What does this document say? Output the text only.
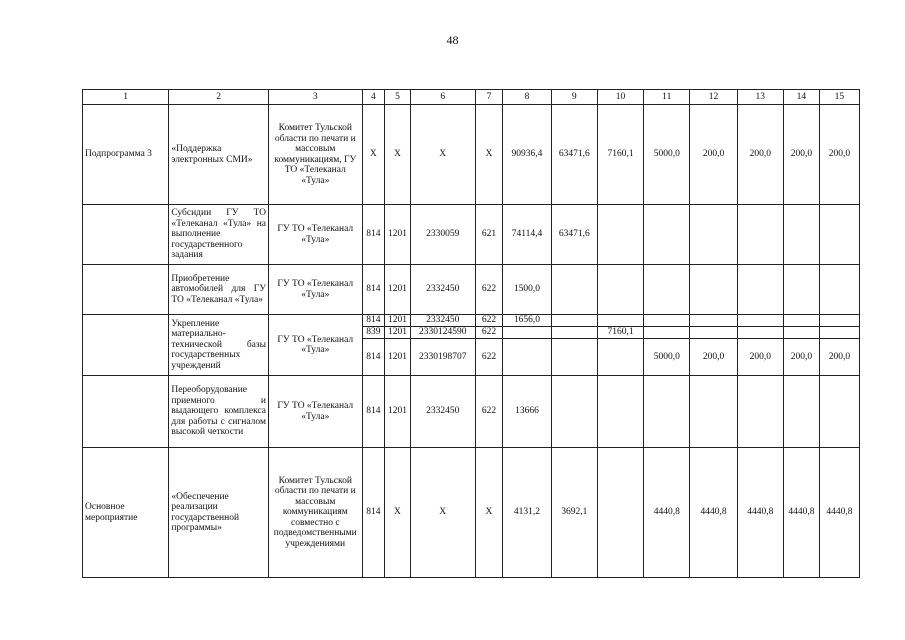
48
1	2	3	4	5	6	7	8	9	10	11	12	13	14	15
Подпрограмма 3	«Поддержка электронных СМИ»	Комитет Тульской области по печати и массовым коммуникациям, ГУ ТО «Телеканал «Тула»	Х	Х	Х	Х	90936,4	63471,6	7160,1	5000,0	200,0	200,0	200,0	200,0
	Субсидии ГУ ТО «Телеканал «Тула» на выполнение государственного задания	ГУ ТО «Телеканал «Тула»	814	1201	2330059	621	74114,4	63471,6						
	Приобретение автомобилей для ГУ ТО «Телеканал «Тула»	ГУ ТО «Телеканал «Тула»	814	1201	2332450	622	1500,0							
	Укрепление материально-технической базы государственных учреждений	ГУ ТО «Телеканал «Тула»	814	1201	2332450	622	1656,0							
			839	1201	2330124590	622			7160,1					
			814	1201	2330198707	622				5000,0	200,0	200,0	200,0	200,0
	Переоборудование приемного и выдающего комплекса для работы с сигналом высокой четкости	ГУ ТО «Телеканал «Тула»	814	1201	2332450	622	13666							
Основное мероприятие	«Обеспечение реализации государственной программы»	Комитет Тульской области по печати и массовым коммуникациям совместно с подведомственными учреждениями	814	Х	Х	Х	4131,2	3692,1		4440,8	4440,8	4440,8	4440,8	4440,8
